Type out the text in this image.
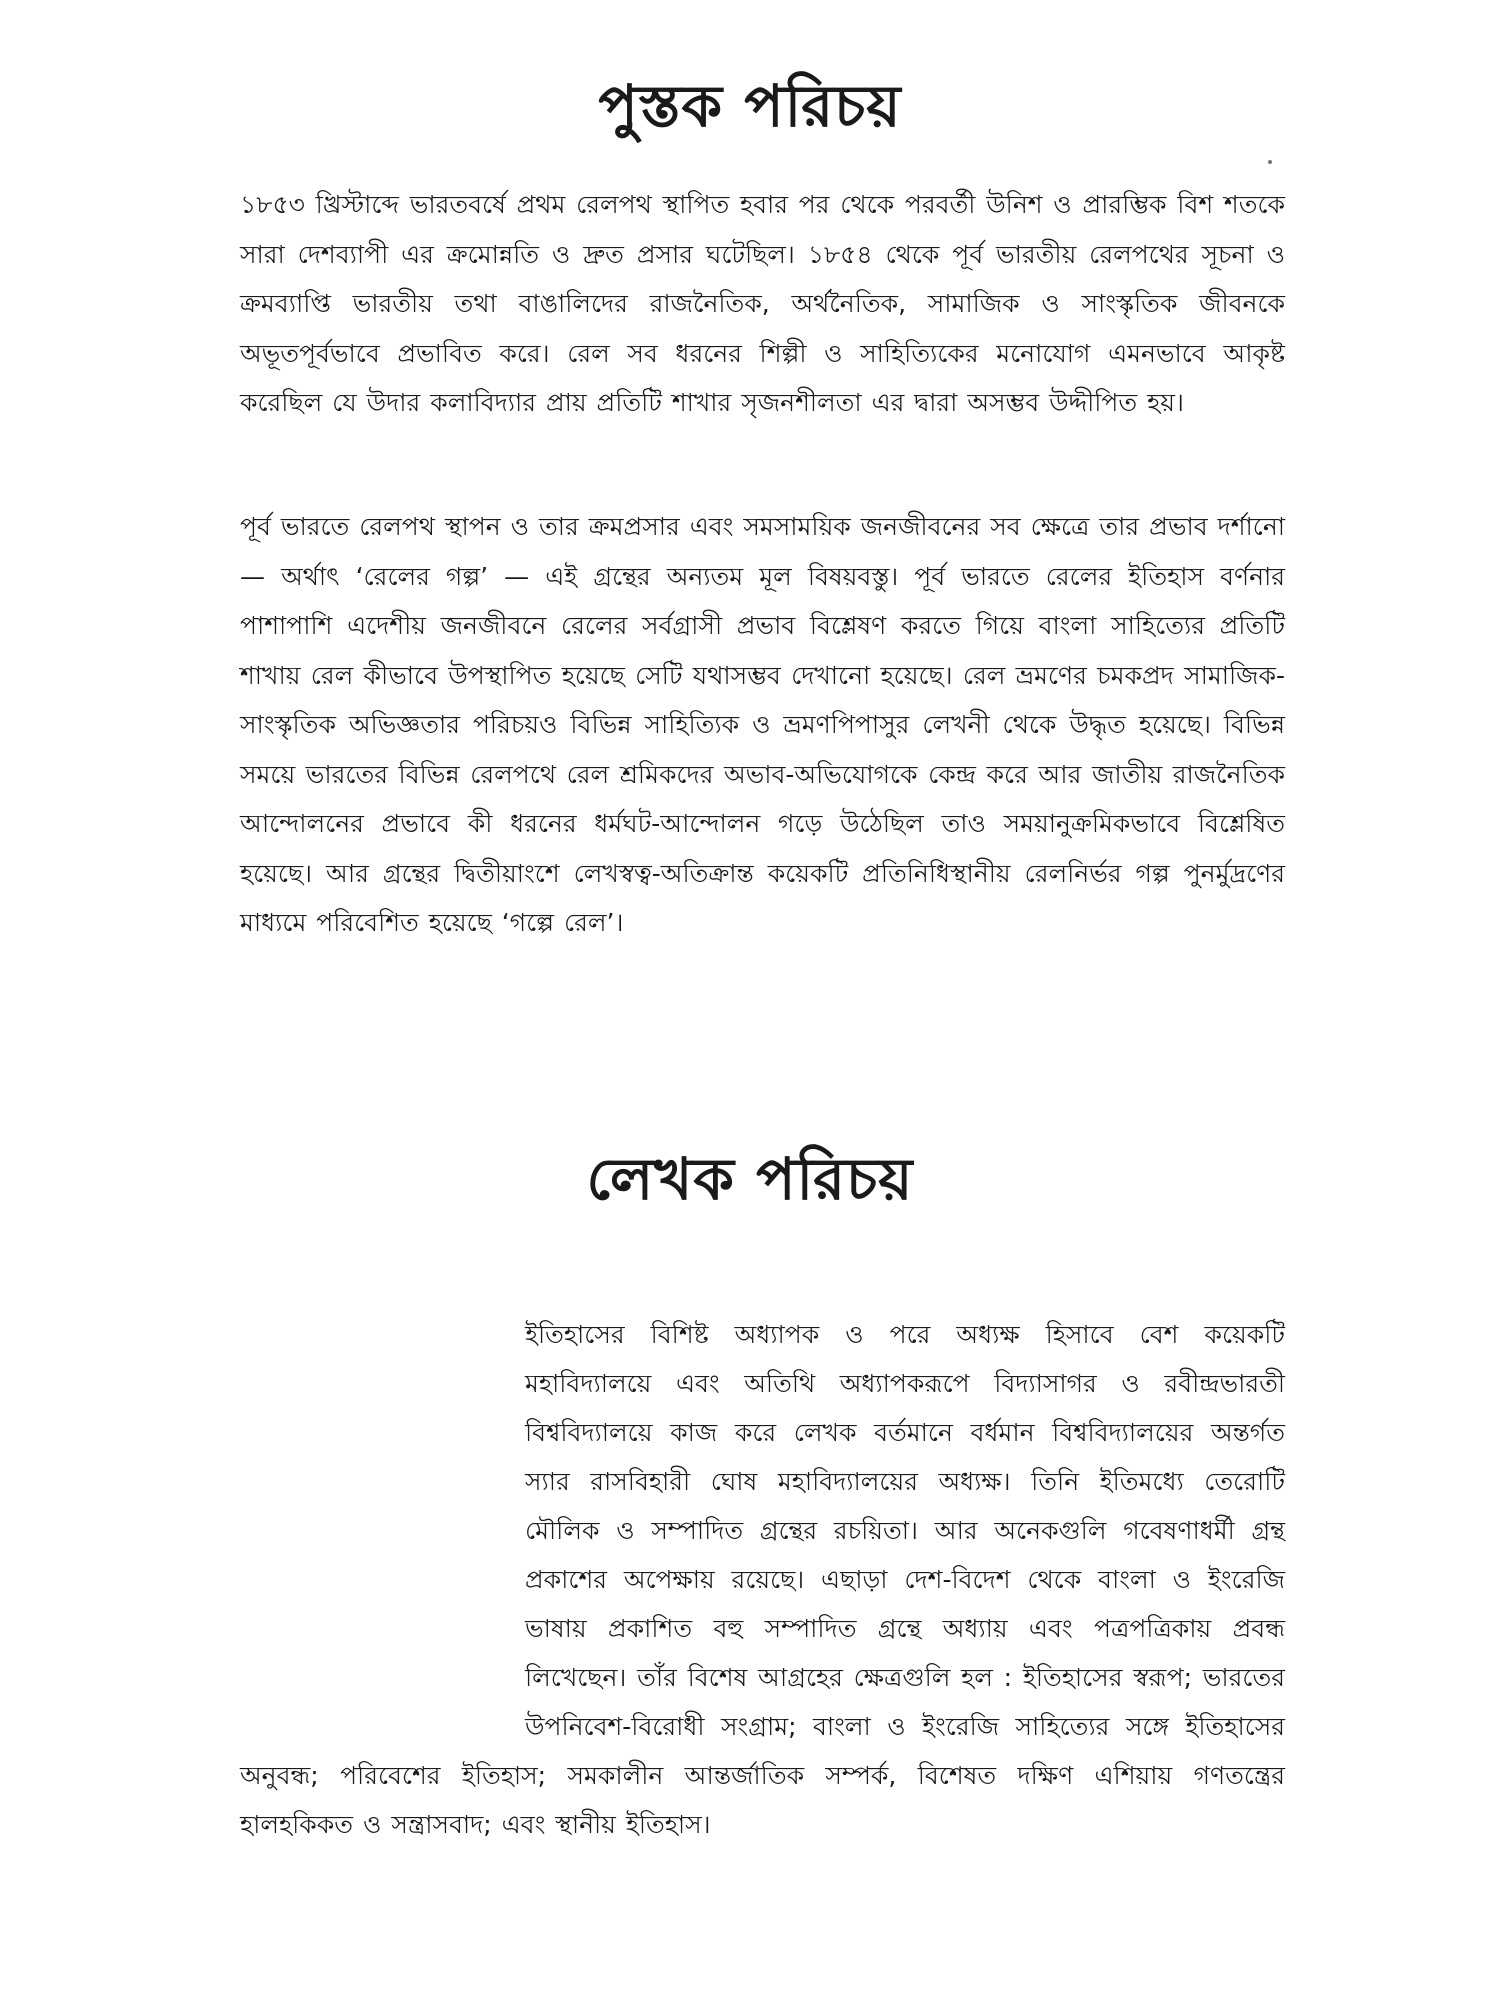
পুস্তক পরিচয়

১৮৫৩ খ্রিস্টাব্দে ভারতবর্ষে প্রথম রেলপথ স্থাপিত হবার পর থেকে পরবর্তী উনিশ ও প্রারম্ভিক বিশ শতকে সারা দেশব্যাপী এর ক্রমোন্নতি ও দ্রুত প্রসার ঘটেছিল। ১৮৫৪ থেকে পূর্ব ভারতীয় রেলপথের সূচনা ও ক্রমব্যাপ্তি ভারতীয় তথা বাঙালিদের রাজনৈতিক, অর্থনৈতিক, সামাজিক ও সাংস্কৃতিক জীবনকে অভূতপূর্বভাবে প্রভাবিত করে। রেল সব ধরনের শিল্পী ও সাহিত্যিকের মনোযোগ এমনভাবে আকৃষ্ট করেছিল যে উদার কলাবিদ্যার প্রায় প্রতিটি শাখার সৃজনশীলতা এর দ্বারা অসম্ভব উদ্দীপিত হয়।

পূর্ব ভারতে রেলপথ স্থাপন ও তার ক্রমপ্রসার এবং সমসাময়িক জনজীবনের সব ক্ষেত্রে তার প্রভাব দর্শানো — অর্থাৎ ‘রেলের গল্প’ — এই গ্রন্থের অন্যতম মূল বিষয়বস্তু। পূর্ব ভারতে রেলের ইতিহাস বর্ণনার পাশাপাশি এদেশীয় জনজীবনে রেলের সর্বগ্রাসী প্রভাব বিশ্লেষণ করতে গিয়ে বাংলা সাহিত্যের প্রতিটি শাখায় রেল কীভাবে উপস্থাপিত হয়েছে সেটি যথাসম্ভব দেখানো হয়েছে। রেল ভ্রমণের চমকপ্রদ সামাজিক-সাংস্কৃতিক অভিজ্ঞতার পরিচয়ও বিভিন্ন সাহিত্যিক ও ভ্রমণপিপাসুর লেখনী থেকে উদ্ধৃত হয়েছে। বিভিন্ন সময়ে ভারতের বিভিন্ন রেলপথে রেল শ্রমিকদের অভাব-অভিযোগকে কেন্দ্র করে আর জাতীয় রাজনৈতিক আন্দোলনের প্রভাবে কী ধরনের ধর্মঘট-আন্দোলন গড়ে উঠেছিল তাও সময়ানুক্রমিকভাবে বিশ্লেষিত হয়েছে। আর গ্রন্থের দ্বিতীয়াংশে লেখস্বত্ব-অতিক্রান্ত কয়েকটি প্রতিনিধিস্থানীয় রেলনির্ভর গল্প পুনর্মুদ্রণের মাধ্যমে পরিবেশিত হয়েছে ‘গল্পে রেল’।

লেখক পরিচয়
ইতিহাসের বিশিষ্ট অধ্যাপক ও পরে অধ্যক্ষ হিসাবে বেশ কয়েকটি মহাবিদ্যালয়ে এবং অতিথি অধ্যাপকরূপে বিদ্যাসাগর ও রবীন্দ্রভারতী বিশ্ববিদ্যালয়ে কাজ করে লেখক বর্তমানে বর্ধমান বিশ্ববিদ্যালয়ের অন্তর্গত স্যার রাসবিহারী ঘোষ মহাবিদ্যালয়ের অধ্যক্ষ। তিনি ইতিমধ্যে তেরোটি মৌলিক ও সম্পাদিত গ্রন্থের রচয়িতা। আর অনেকগুলি গবেষণাধর্মী গ্রন্থ প্রকাশের অপেক্ষায় রয়েছে। এছাড়া দেশ-বিদেশ থেকে বাংলা ও ইংরেজি ভাষায় প্রকাশিত বহু সম্পাদিত গ্রন্থে অধ্যায় এবং পত্রপত্রিকায় প্রবন্ধ লিখেছেন। তাঁর বিশেষ আগ্রহের ক্ষেত্রগুলি হল : ইতিহাসের স্বরূপ; ভারতের উপনিবেশ-বিরোধী সংগ্রাম; বাংলা ও ইংরেজি সাহিত্যের সঙ্গে ইতিহাসের অনুবন্ধ; পরিবেশের ইতিহাস; সমকালীন আন্তর্জাতিক সম্পর্ক, বিশেষত দক্ষিণ এশিয়ায় গণতন্ত্রের হালহকিকত ও সন্ত্রাসবাদ; এবং স্থানীয় ইতিহাস।
